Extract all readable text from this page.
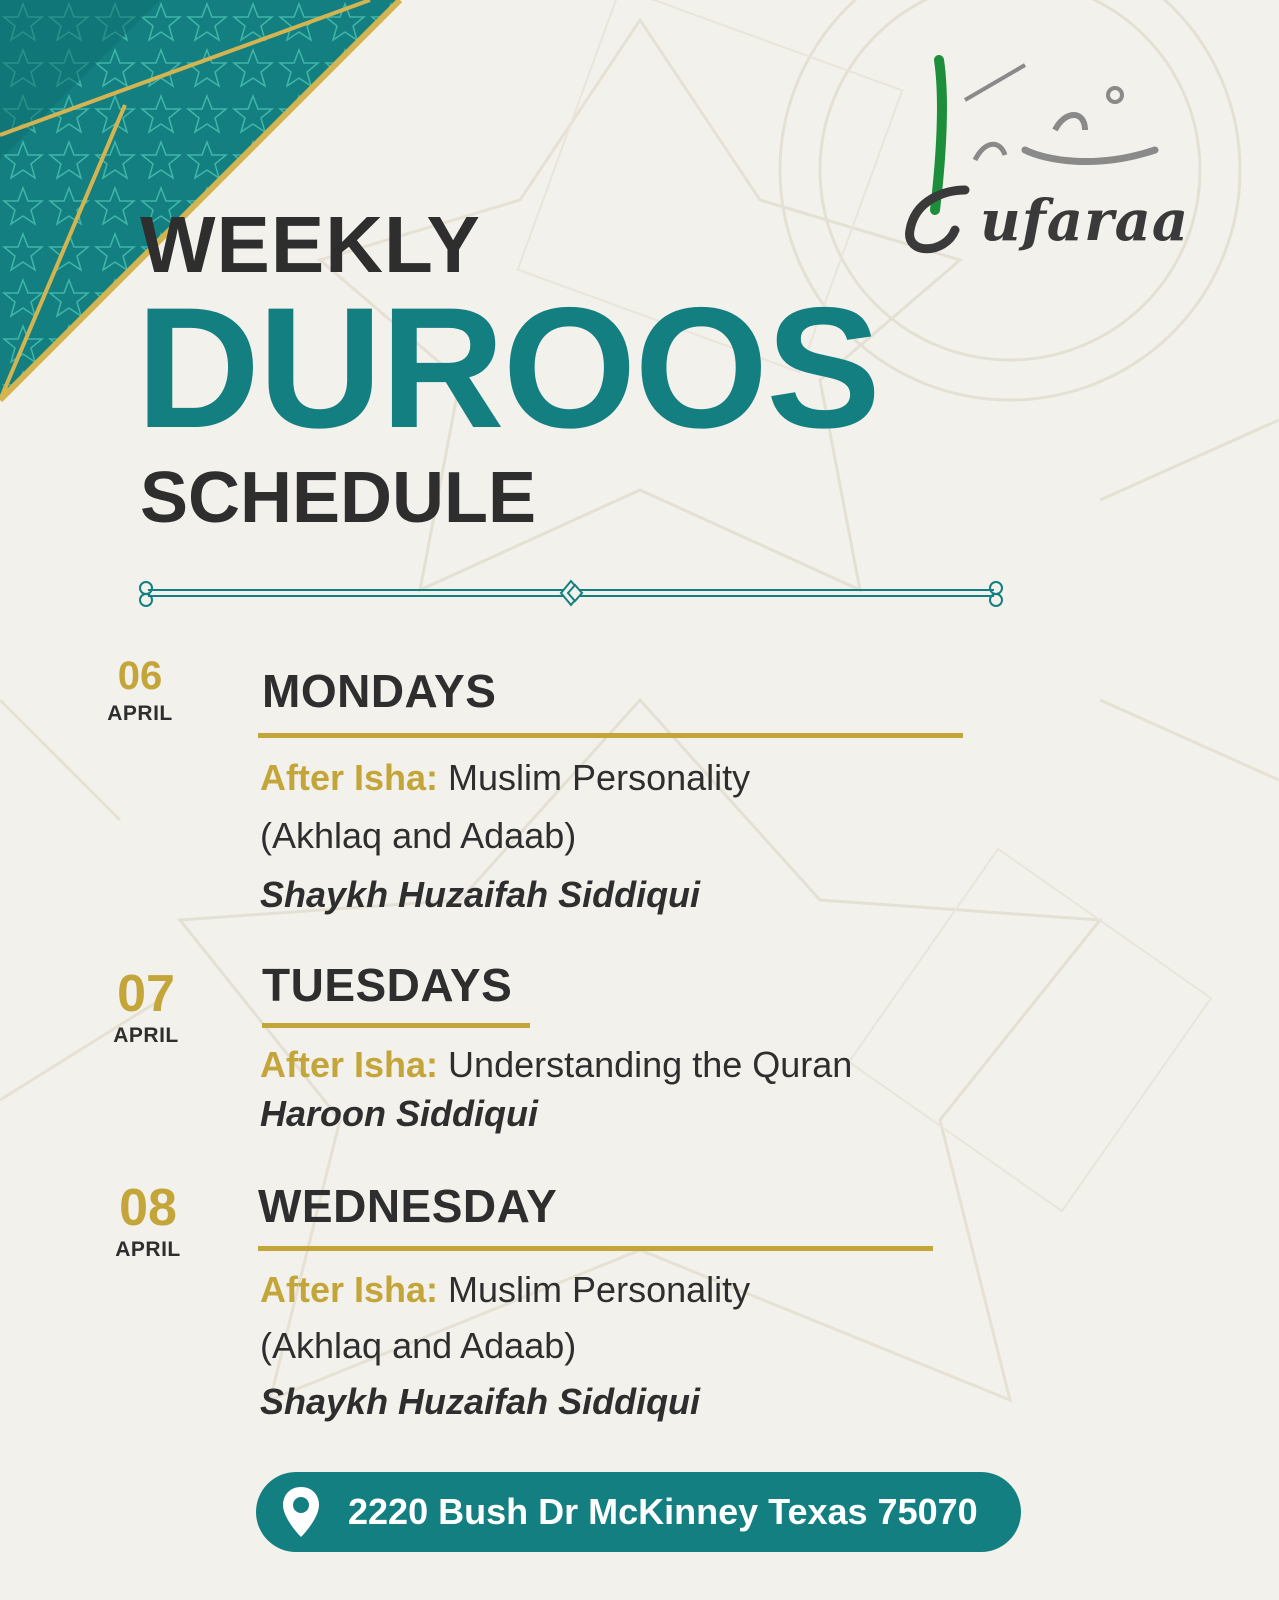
ufaraa
WEEKLY
DUROOS
SCHEDULE
06
APRIL MONDAYS
After Isha: Muslim Personality
(Akhlaq and Adaab)
Shaykh Huzaifah Siddiqui
07
APRIL
TUESDAYS
After Isha: Understanding the Quran
Haroon Siddiqui
08
APRIL
WEDNESDAY
After Isha: Muslim Personality
(Akhlaq and Adaab)
Shaykh Huzaifah Siddiqui
2220 Bush Dr McKinney Texas 75070
